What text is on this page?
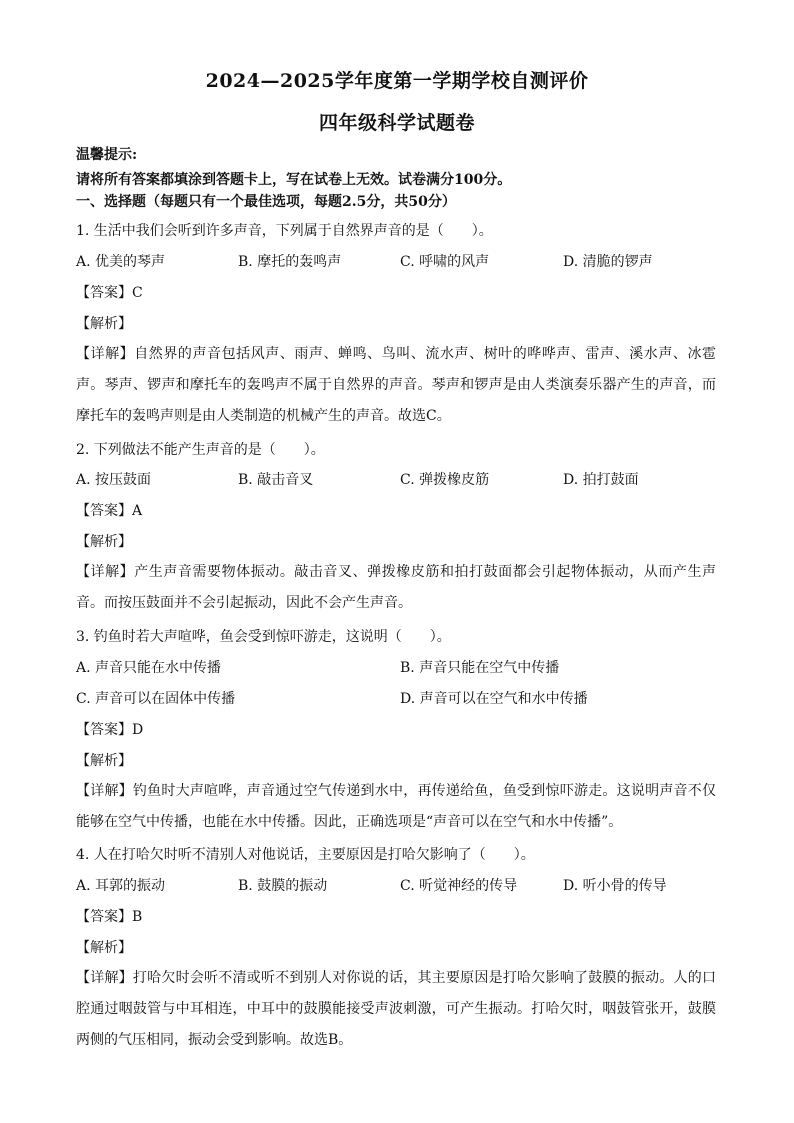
2024—2025学年度第一学期学校自测评价
四年级科学试题卷
温馨提示:
请将所有答案都填涂到答题卡上，写在试卷上无效。试卷满分100分。
一、选择题（每题只有一个最佳选项，每题2.5分，共50分）
1. 生活中我们会听到许多声音，下列属于自然界声音的是（　　）。
A. 优美的琴声	B. 摩托的轰鸣声	C. 呼啸的风声	D. 清脆的锣声
【答案】C
【解析】
【详解】自然界的声音包括风声、雨声、蝉鸣、鸟叫、流水声、树叶的哗哗声、雷声、溪水声、冰雹声。琴声、锣声和摩托车的轰鸣声不属于自然界的声音。琴声和锣声是由人类演奏乐器产生的声音，而摩托车的轰鸣声则是由人类制造的机械产生的声音。故选C。
2. 下列做法不能产生声音的是（　　）。
A. 按压鼓面	B. 敲击音叉	C. 弹拨橡皮筋	D. 拍打鼓面
【答案】A
【解析】
【详解】产生声音需要物体振动。敲击音叉、弹拨橡皮筋和拍打鼓面都会引起物体振动，从而产生声音。而按压鼓面并不会引起振动，因此不会产生声音。
3. 钓鱼时若大声喧哗，鱼会受到惊吓游走，这说明（　　）。
A. 声音只能在水中传播	B. 声音只能在空气中传播
C. 声音可以在固体中传播	D. 声音可以在空气和水中传播
【答案】D
【解析】
【详解】钓鱼时大声喧哗，声音通过空气传递到水中，再传递给鱼，鱼受到惊吓游走。这说明声音不仅能够在空气中传播，也能在水中传播。因此，正确选项是“声音可以在空气和水中传播”。
4. 人在打哈欠时听不清别人对他说话，主要原因是打哈欠影响了（　　）。
A. 耳郭的振动	B. 鼓膜的振动	C. 听觉神经的传导	D. 听小骨的传导
【答案】B
【解析】
【详解】打哈欠时会听不清或听不到别人对你说的话，其主要原因是打哈欠影响了鼓膜的振动。人的口腔通过咽鼓管与中耳相连，中耳中的鼓膜能接受声波刺激，可产生振动。打哈欠时，咽鼓管张开，鼓膜两侧的气压相同，振动会受到影响。故选B。
